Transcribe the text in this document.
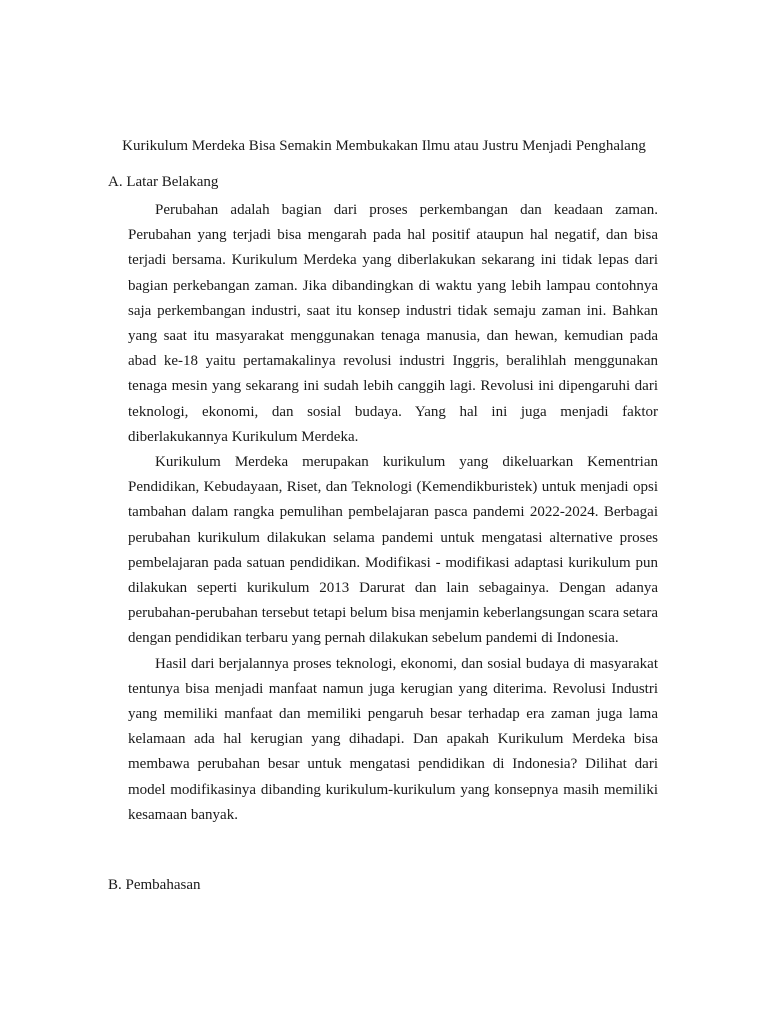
Kurikulum Merdeka Bisa Semakin Membukakan Ilmu atau Justru Menjadi Penghalang
A. Latar Belakang

Perubahan adalah bagian dari proses perkembangan dan keadaan zaman. Perubahan yang terjadi bisa mengarah pada hal positif ataupun hal negatif, dan bisa terjadi bersama. Kurikulum Merdeka yang diberlakukan sekarang ini tidak lepas dari bagian perkebangan zaman. Jika dibandingkan di waktu yang lebih lampau contohnya saja perkembangan industri, saat itu konsep industri tidak semaju zaman ini. Bahkan yang saat itu masyarakat menggunakan tenaga manusia, dan hewan, kemudian pada abad ke-18 yaitu pertamakalinya revolusi industri Inggris, beralihlah menggunakan tenaga mesin yang sekarang ini sudah lebih canggih lagi. Revolusi ini dipengaruhi dari teknologi, ekonomi, dan sosial budaya. Yang hal ini juga menjadi faktor diberlakukannya Kurikulum Merdeka.

Kurikulum Merdeka merupakan kurikulum yang dikeluarkan Kementrian Pendidikan, Kebudayaan, Riset, dan Teknologi (Kemendikburistek) untuk menjadi opsi tambahan dalam rangka pemulihan pembelajaran pasca pandemi 2022-2024. Berbagai perubahan kurikulum dilakukan selama pandemi untuk mengatasi alternative proses pembelajaran pada satuan pendidikan. Modifikasi - modifikasi adaptasi kurikulum pun dilakukan seperti kurikulum 2013 Darurat dan lain sebagainya. Dengan adanya perubahan-perubahan tersebut tetapi belum bisa menjamin keberlangsungan scara setara dengan pendidikan terbaru yang pernah dilakukan sebelum pandemi di Indonesia.

Hasil dari berjalannya proses teknologi, ekonomi, dan sosial budaya di masyarakat tentunya bisa menjadi manfaat namun juga kerugian yang diterima. Revolusi Industri yang memiliki manfaat dan memiliki pengaruh besar terhadap era zaman juga lama kelamaan ada hal kerugian yang dihadapi. Dan apakah Kurikulum Merdeka bisa membawa perubahan besar untuk mengatasi pendidikan di Indonesia? Dilihat dari model modifikasinya dibanding kurikulum-kurikulum yang konsepnya masih memiliki kesamaan banyak.

B. Pembahasan
